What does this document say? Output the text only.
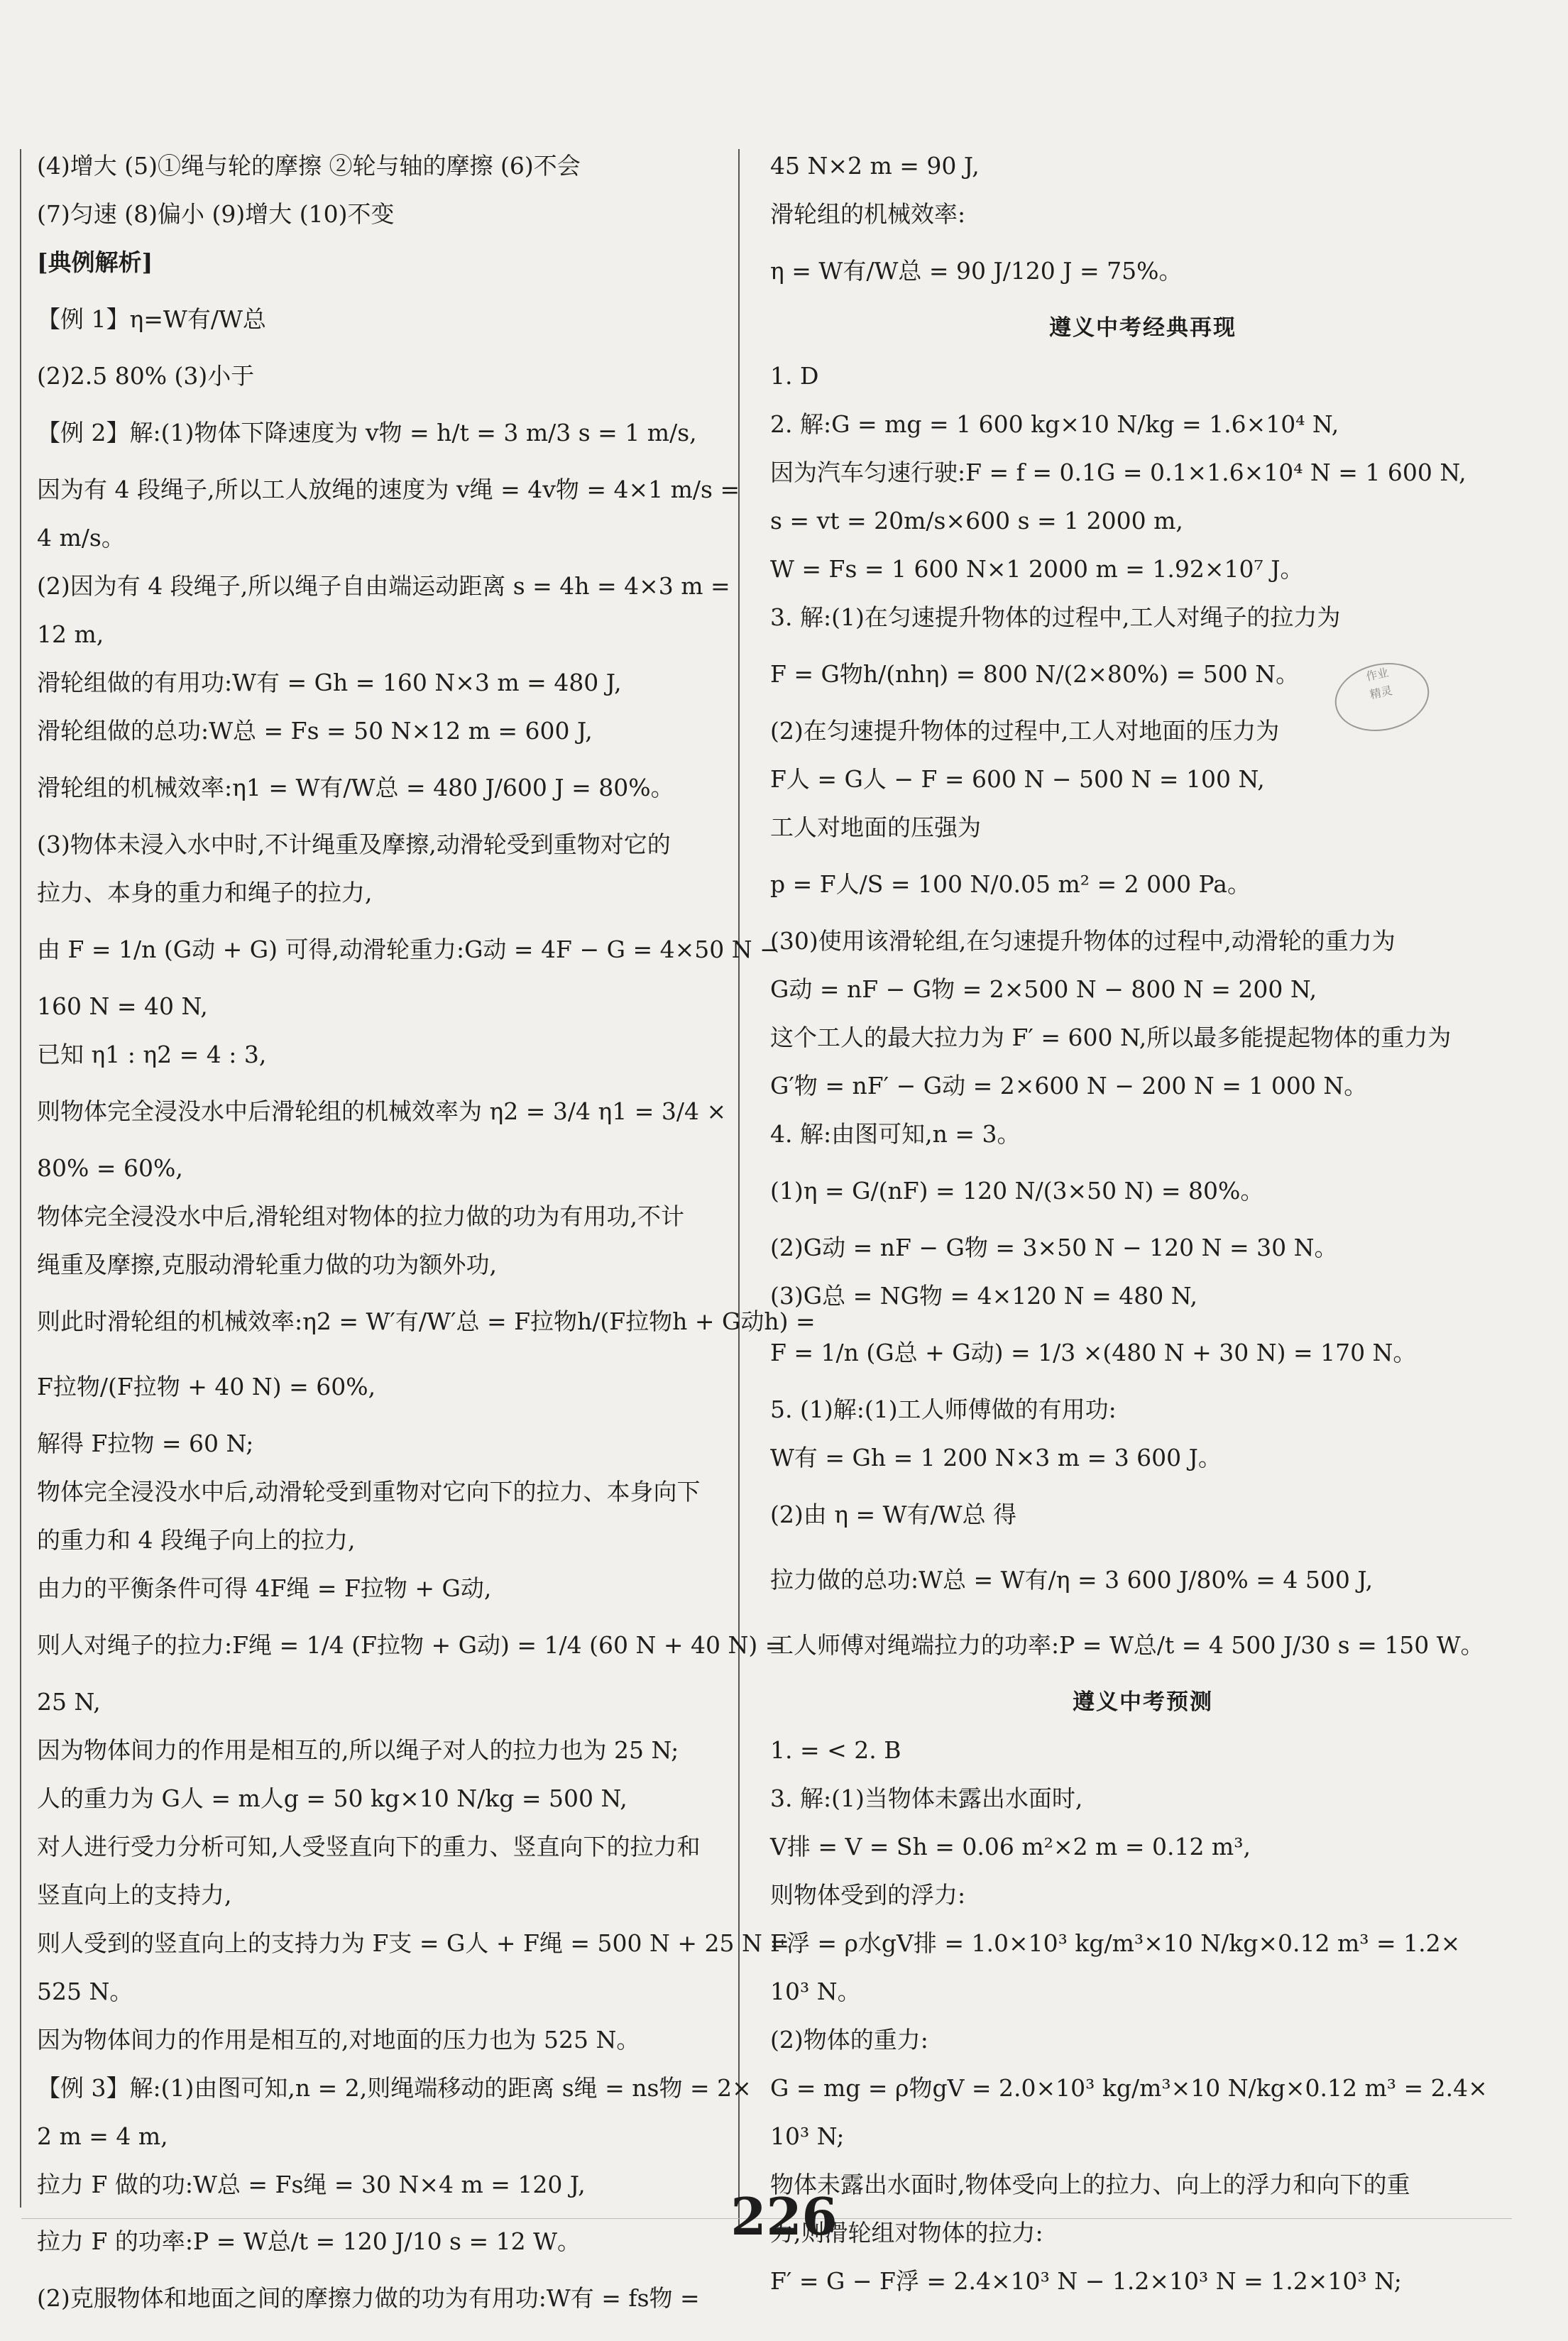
(4)增大 (5)①绳与轮的摩擦 ②轮与轴的摩擦 (6)不会

(7)匀速 (8)偏小 (9)增大 (10)不变

[典例解析]

【例 1】η=W有/W总

(2)2.5 80% (3)小于

【例 2】解:(1)物体下降速度为 v物 = h/t = 3 m/3 s = 1 m/s,

因为有 4 段绳子,所以工人放绳的速度为 v绳 = 4v物 = 4×1 m/s =

4 m/s。

(2)因为有 4 段绳子,所以绳子自由端运动距离 s = 4h = 4×3 m =

12 m,

滑轮组做的有用功:W有 = Gh = 160 N×3 m = 480 J,

滑轮组做的总功:W总 = Fs = 50 N×12 m = 600 J,

滑轮组的机械效率:η1 = W有/W总 = 480 J/600 J = 80%。

(3)物体未浸入水中时,不计绳重及摩擦,动滑轮受到重物对它的

拉力、本身的重力和绳子的拉力,

由 F = 1/n (G动 + G) 可得,动滑轮重力:G动 = 4F − G = 4×50 N −

160 N = 40 N,

已知 η1 : η2 = 4 : 3,

则物体完全浸没水中后滑轮组的机械效率为 η2 = 3/4 η1 = 3/4 ×

80% = 60%,

物体完全浸没水中后,滑轮组对物体的拉力做的功为有用功,不计

绳重及摩擦,克服动滑轮重力做的功为额外功,

则此时滑轮组的机械效率:η2 = W′有/W′总 = F拉物h/(F拉物h + G动h) =

F拉物/(F拉物 + 40 N) = 60%,

解得 F拉物 = 60 N;

物体完全浸没水中后,动滑轮受到重物对它向下的拉力、本身向下

的重力和 4 段绳子向上的拉力,

由力的平衡条件可得 4F绳 = F拉物 + G动,

则人对绳子的拉力:F绳 = 1/4 (F拉物 + G动) = 1/4 (60 N + 40 N) =

25 N,

因为物体间力的作用是相互的,所以绳子对人的拉力也为 25 N;

人的重力为 G人 = m人g = 50 kg×10 N/kg = 500 N,

对人进行受力分析可知,人受竖直向下的重力、竖直向下的拉力和

竖直向上的支持力,

则人受到的竖直向上的支持力为 F支 = G人 + F绳 = 500 N + 25 N =

525 N。

因为物体间力的作用是相互的,对地面的压力也为 525 N。

【例 3】解:(1)由图可知,n = 2,则绳端移动的距离 s绳 = ns物 = 2×

2 m = 4 m,

拉力 F 做的功:W总 = Fs绳 = 30 N×4 m = 120 J,

拉力 F 的功率:P = W总/t = 120 J/10 s = 12 W。

(2)克服物体和地面之间的摩擦力做的功为有用功:W有 = fs物 =

45 N×2 m = 90 J,

滑轮组的机械效率:

η = W有/W总 = 90 J/120 J = 75%。

遵义中考经典再现

1. D

2. 解:G = mg = 1 600 kg×10 N/kg = 1.6×10⁴ N,

因为汽车匀速行驶:F = f = 0.1G = 0.1×1.6×10⁴ N = 1 600 N,

s = vt = 20m/s×600 s = 1 2000 m,

W = Fs = 1 600 N×1 2000 m = 1.92×10⁷ J。

3. 解:(1)在匀速提升物体的过程中,工人对绳子的拉力为

F = G物h/(nhη) = 800 N/(2×80%) = 500 N。

(2)在匀速提升物体的过程中,工人对地面的压力为

F人 = G人 − F = 600 N − 500 N = 100 N,

工人对地面的压强为

p = F人/S = 100 N/0.05 m² = 2 000 Pa。

(30)使用该滑轮组,在匀速提升物体的过程中,动滑轮的重力为

G动 = nF − G物 = 2×500 N − 800 N = 200 N,

这个工人的最大拉力为 F′ = 600 N,所以最多能提起物体的重力为

G′物 = nF′ − G动 = 2×600 N − 200 N = 1 000 N。

4. 解:由图可知,n = 3。

(1)η = G/(nF) = 120 N/(3×50 N) = 80%。

(2)G动 = nF − G物 = 3×50 N − 120 N = 30 N。

(3)G总 = NG物 = 4×120 N = 480 N,

F = 1/n (G总 + G动) = 1/3 ×(480 N + 30 N) = 170 N。

5. (1)解:(1)工人师傅做的有用功:

W有 = Gh = 1 200 N×3 m = 3 600 J。

(2)由 η = W有/W总 得

拉力做的总功:W总 = W有/η = 3 600 J/80% = 4 500 J,

工人师傅对绳端拉力的功率:P = W总/t = 4 500 J/30 s = 150 W。

遵义中考预测

1. = < 2. B

3. 解:(1)当物体未露出水面时,

V排 = V = Sh = 0.06 m²×2 m = 0.12 m³,

则物体受到的浮力:

F浮 = ρ水gV排 = 1.0×10³ kg/m³×10 N/kg×0.12 m³ = 1.2×

10³ N。

(2)物体的重力:

G = mg = ρ物gV = 2.0×10³ kg/m³×10 N/kg×0.12 m³ = 2.4×

10³ N;

物体未露出水面时,物体受向上的拉力、向上的浮力和向下的重

力,则滑轮组对物体的拉力:

F′ = G − F浮 = 2.4×10³ N − 1.2×10³ N = 1.2×10³ N;

作业
精灵
226
